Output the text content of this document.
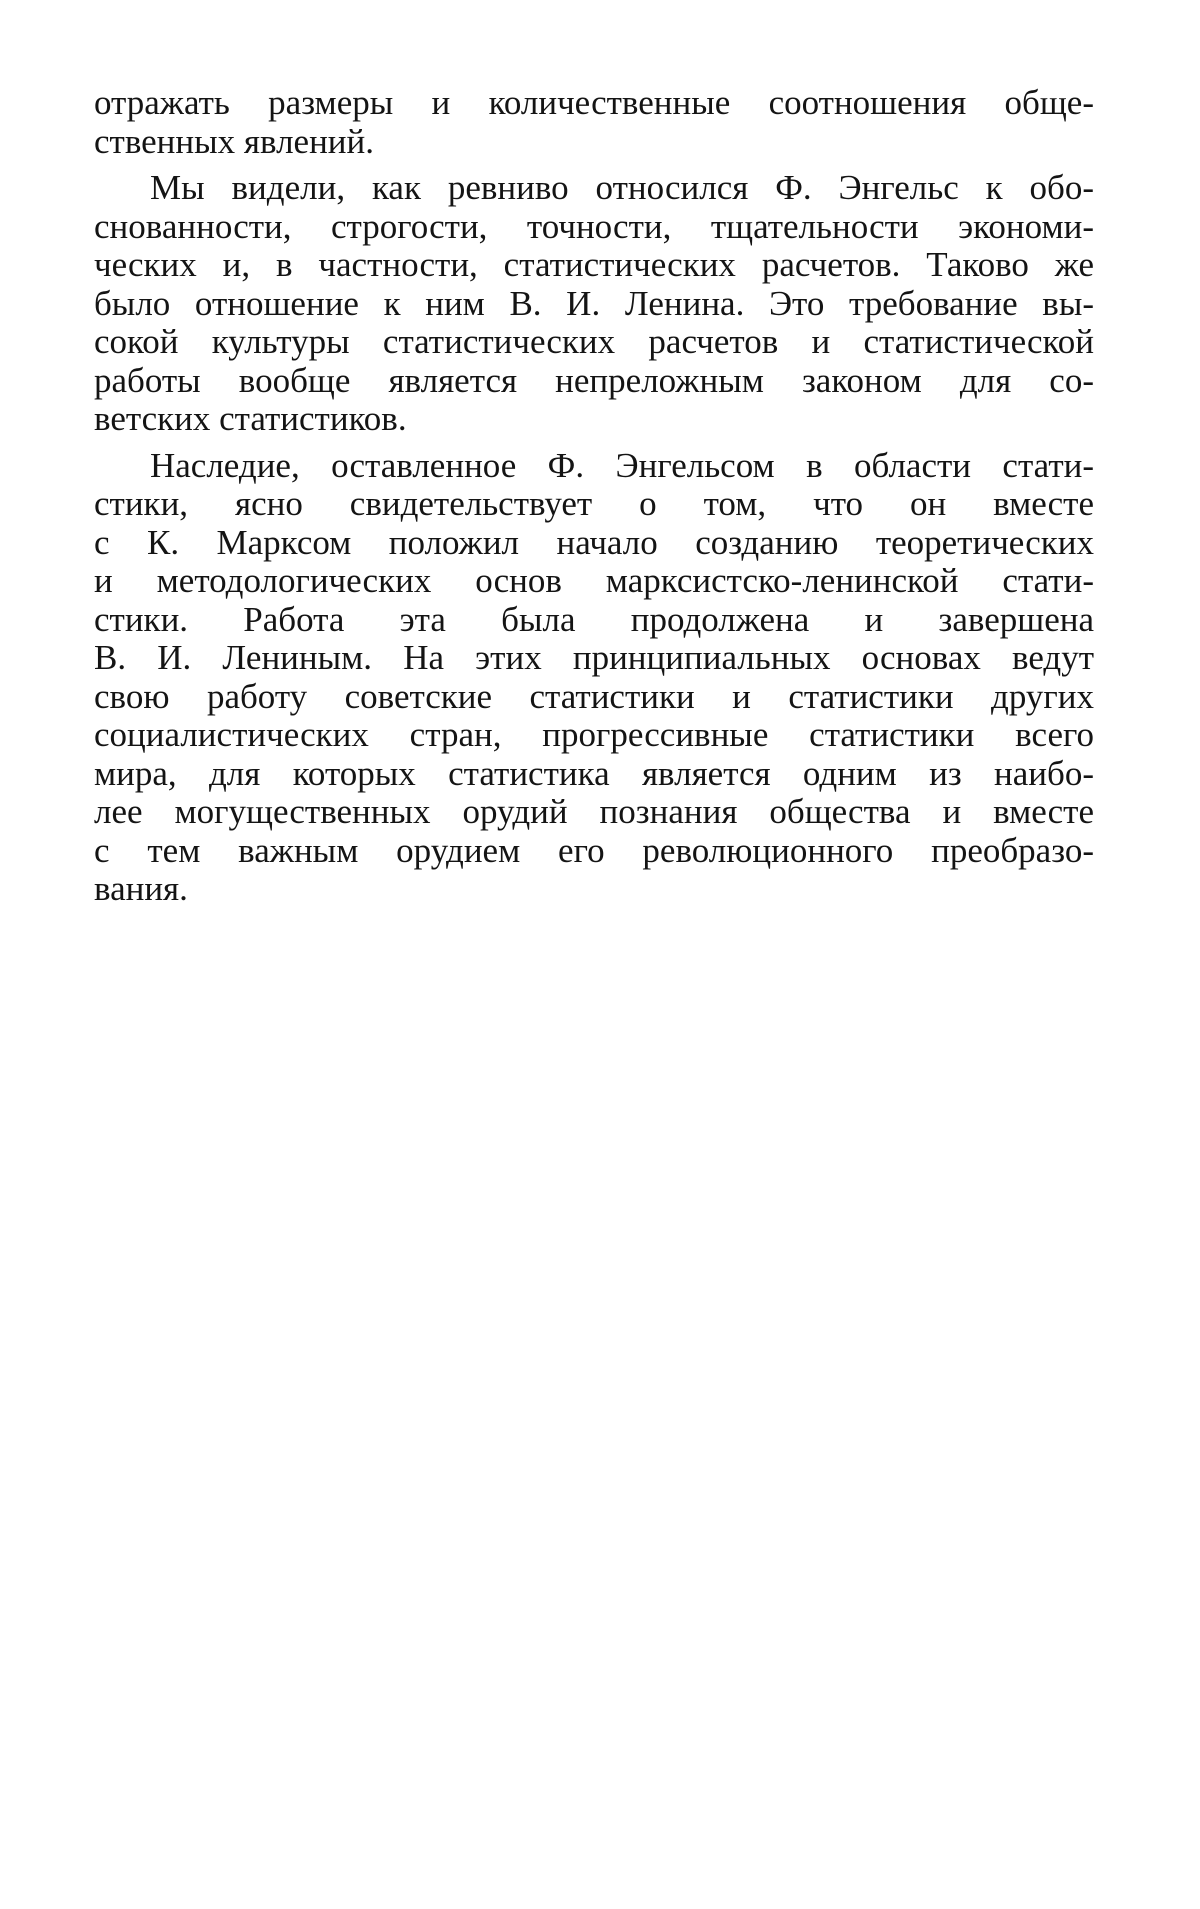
отражать размеры и количественные соотношения обще-
ственных явлений.
Мы видели, как ревниво относился Ф. Энгельс к обо-
снованности, строгости, точности, тщательности экономи-
ческих и, в частности, статистических расчетов. Таково же
было отношение к ним В. И. Ленина. Это требование вы-
сокой культуры статистических расчетов и статистической
работы вообще является непреложным законом для со-
ветских статистиков.
Наследие, оставленное Ф. Энгельсом в области стати-
стики, ясно свидетельствует о том, что он вместе
с К. Марксом положил начало созданию теоретических
и методологических основ марксистско-ленинской стати-
стики. Работа эта была продолжена и завершена
В. И. Лениным. На этих принципиальных основах ведут
свою работу советские статистики и статистики других
социалистических стран, прогрессивные статистики всего
мира, для которых статистика является одним из наибо-
лее могущественных орудий познания общества и вместе
с тем важным орудием его революционного преобразо-
вания.
